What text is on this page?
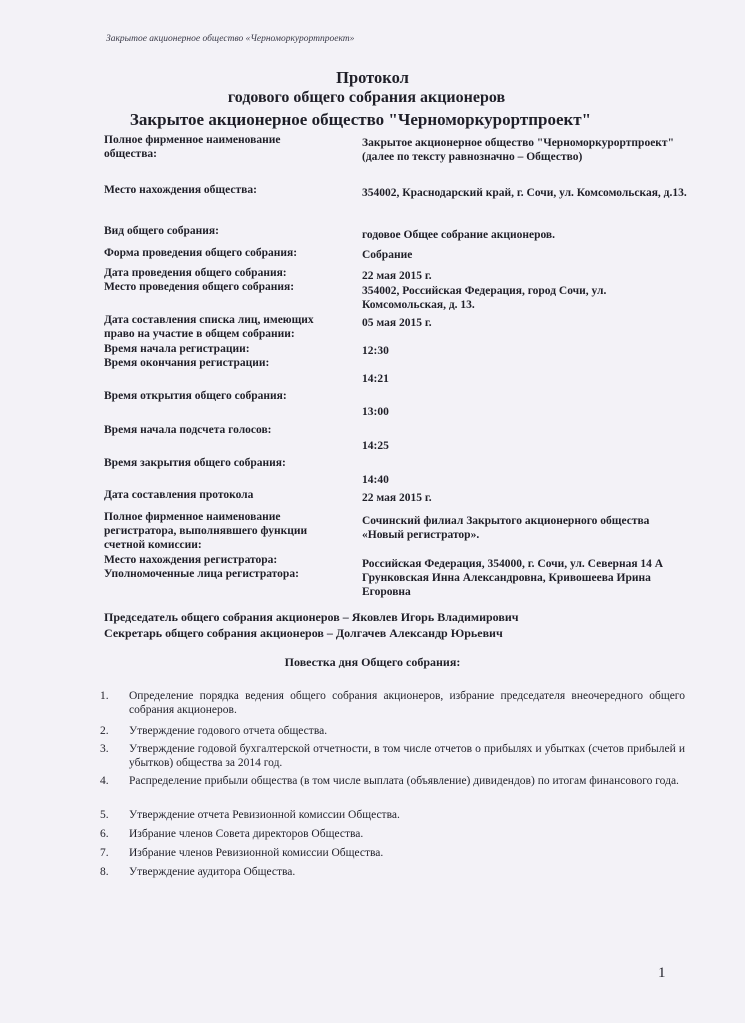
Закрытое акционерное общество «Черноморкурортпроект»
Протокол
годового общего собрания акционеров
Закрытое акционерное общество "Черноморкурортпроект"
Полное фирменное наименование общества:
Закрытое акционерное общество "Черноморкурортпроект" (далее по тексту равнозначно – Общество)
Место нахождения общества:	354002, Краснодарский край, г. Сочи, ул. Комсомольская, д.13.
Вид общего собрания:	годовое Общее собрание акционеров.
Форма проведения общего собрания:	Собрание
Дата проведения общего собрания:	22 мая 2015 г.
Место проведения общего собрания:	354002, Российская Федерация, город Сочи, ул. Комсомольская, д. 13.
Дата составления списка лиц, имеющих право на участие в общем собрании:
05 мая 2015 г.
Время начала регистрации:	12:30
Время окончания регистрации:
14:21
Время открытия общего собрания:
13:00
Время начала подсчета голосов:
14:25
Время закрытия общего собрания:
14:40
Дата составления протокола	22 мая 2015 г.
Полное фирменное наименование регистратора, выполнявшего функции счетной комиссии:
Сочинский филиал Закрытого акционерного общества «Новый регистратор».
Место нахождения регистратора:	Российская Федерация, 354000, г. Сочи, ул. Северная 14 А
Уполномоченные лица регистратора:	Грунковская Инна Александровна, Кривошеева Ирина Егоровна
Председатель общего собрания акционеров – Яковлев Игорь Владимирович
Секретарь общего собрания акционеров – Долгачев Александр Юрьевич
Повестка дня Общего собрания:
1.	Определение порядка ведения общего собрания акционеров, избрание председателя внеочередного общего собрания акционеров.
2.	Утверждение годового отчета общества.
3.	Утверждение годовой бухгалтерской отчетности, в том числе отчетов о прибылях и убытках (счетов прибылей и убытков) общества за 2014 год.
4.	Распределение прибыли общества (в том числе выплата (объявление) дивидендов) по итогам финансового года.
5.	Утверждение отчета Ревизионной комиссии Общества.
6.	Избрание членов Совета директоров Общества.
7.	Избрание членов Ревизионной комиссии Общества.
8.	Утверждение аудитора Общества.
1
